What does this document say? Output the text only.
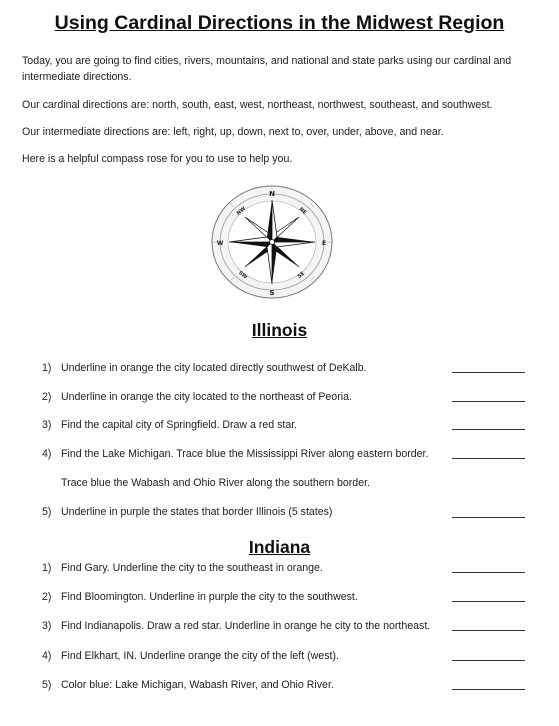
Using Cardinal Directions in the Midwest Region
Today, you are going to find cities, rivers, mountains, and national and state parks using our cardinal and intermediate directions.
Our cardinal directions are: north, south, east, west, northeast, northwest, southeast, and southwest.
Our intermediate directions are: left, right, up, down, next to, over, under, above, and near.
Here is a helpful compass rose for you to use to help you.
N
S
W	E
NW	NE
SW	SE
Illinois
1) Underline in orange the city located directly southwest of DeKalb.
2) Underline in orange the city located to the northeast of Peoria.
3) Find the capital city of Springfield. Draw a red star.
4) Find the Lake Michigan. Trace blue the Mississippi River along eastern border.
Trace blue the Wabash and Ohio River along the southern border.
5) Underline in purple the states that border Illinois (5 states)
Indiana
1) Find Gary. Underline the city to the southeast in orange.
2) Find Bloomington. Underline in purple the city to the southwest.
3) Find Indianapolis. Draw a red star. Underline in orange he city to the northeast.
4) Find Elkhart, IN. Underline orange the city of the left (west).
5) Color blue: Lake Michigan, Wabash River, and Ohio River.
